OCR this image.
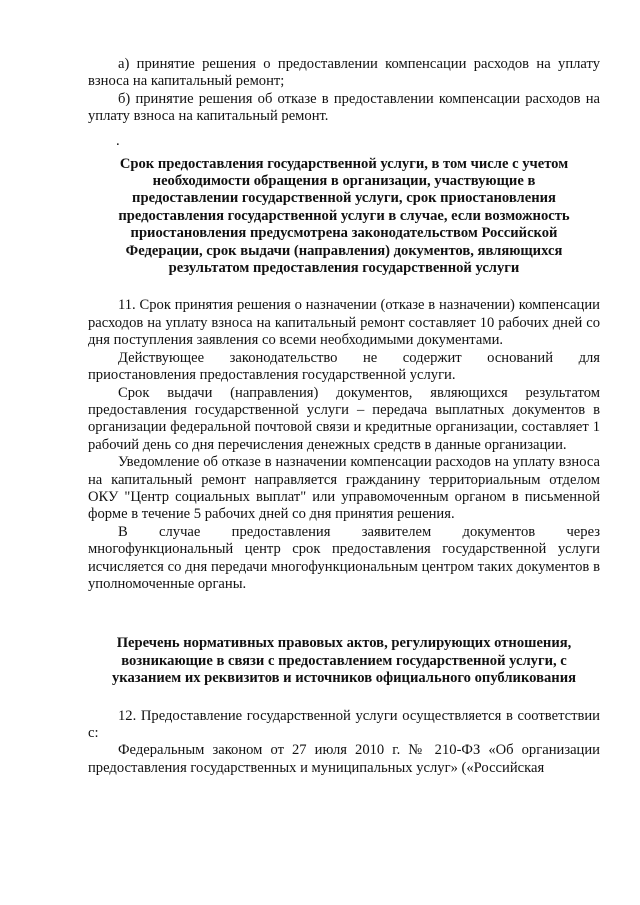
а) принятие решения о предоставлении компенсации расходов на уплату взноса на капитальный ремонт;

б) принятие решения об отказе в предоставлении компенсации расходов на уплату взноса на капитальный ремонт.

.

Срок предоставления государственной услуги, в том числе с учетом необходимости обращения в организации, участвующие в предоставлении государственной услуги, срок приостановления предоставления государственной услуги в случае, если возможность приостановления предусмотрена законодательством Российской Федерации, срок выдачи (направления) документов, являющихся результатом предоставления государственной услуги

11. Срок принятия решения о назначении (отказе в назначении) компенсации расходов на уплату взноса на капитальный ремонт составляет 10 рабочих дней со дня поступления заявления со всеми необходимыми документами.

Действующее законодательство не содержит оснований для приостановления предоставления государственной услуги.

Срок выдачи (направления) документов, являющихся результатом предоставления государственной услуги – передача выплатных документов в организации федеральной почтовой связи и кредитные организации, составляет 1 рабочий день со дня перечисления денежных средств в данные организации.

Уведомление об отказе в назначении компенсации расходов на уплату взноса на капитальный ремонт направляется гражданину территориальным отделом ОКУ "Центр социальных выплат" или управомоченным органом в письменной форме в течение 5 рабочих дней со дня принятия решения.

В случае предоставления заявителем документов через многофункциональный центр срок предоставления государственной услуги исчисляется со дня передачи многофункциональным центром таких документов в уполномоченные органы.

Перечень нормативных правовых актов, регулирующих отношения, возникающие в связи с предоставлением государственной услуги, с указанием их реквизитов и источников официального опубликования

12. Предоставление государственной услуги осуществляется в соответствии с:

Федеральным законом от 27 июля 2010 г. № 210-ФЗ «Об организации предоставления государственных и муниципальных услуг» («Российская
